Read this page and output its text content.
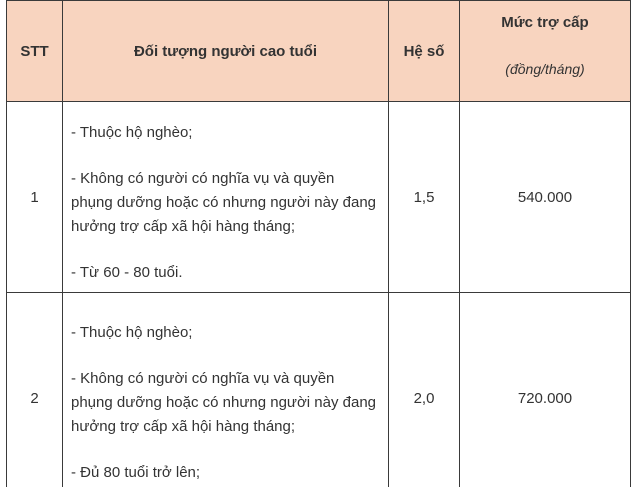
STT	Đối tượng người cao tuổi	Hệ số	Mức trợ cấp
(đồng/tháng)

1	- Thuộc hộ nghèo;
- Không có người có nghĩa vụ và quyền phụng dưỡng hoặc có nhưng người này đang hưởng trợ cấp xã hội hàng tháng;
- Từ 60 - 80 tuổi.	1,5	540.000
2	- Thuộc hộ nghèo;
- Không có người có nghĩa vụ và quyền phụng dưỡng hoặc có nhưng người này đang hưởng trợ cấp xã hội hàng tháng;
- Đủ 80 tuổi trở lên;	2,0	720.000
